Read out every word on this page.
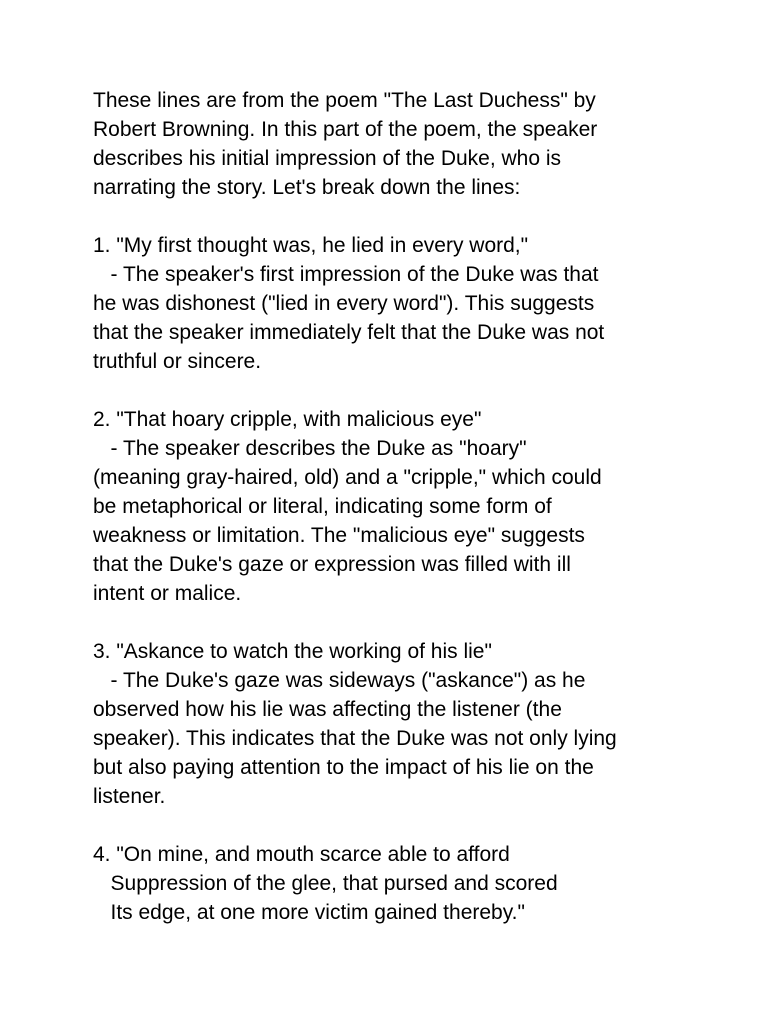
These lines are from the poem "The Last Duchess" by

Robert Browning. In this part of the poem, the speaker

describes his initial impression of the Duke, who is

narrating the story. Let's break down the lines:

1. "My first thought was, he lied in every word,"

- The speaker's first impression of the Duke was that

he was dishonest ("lied in every word"). This suggests

that the speaker immediately felt that the Duke was not

truthful or sincere.

2. "That hoary cripple, with malicious eye"

- The speaker describes the Duke as "hoary"

(meaning gray-haired, old) and a "cripple," which could

be metaphorical or literal, indicating some form of

weakness or limitation. The "malicious eye" suggests

that the Duke's gaze or expression was filled with ill

intent or malice.

3. "Askance to watch the working of his lie"

- The Duke's gaze was sideways ("askance") as he

observed how his lie was affecting the listener (the

speaker). This indicates that the Duke was not only lying

but also paying attention to the impact of his lie on the

listener.

4. "On mine, and mouth scarce able to afford

Suppression of the glee, that pursed and scored

Its edge, at one more victim gained thereby."
